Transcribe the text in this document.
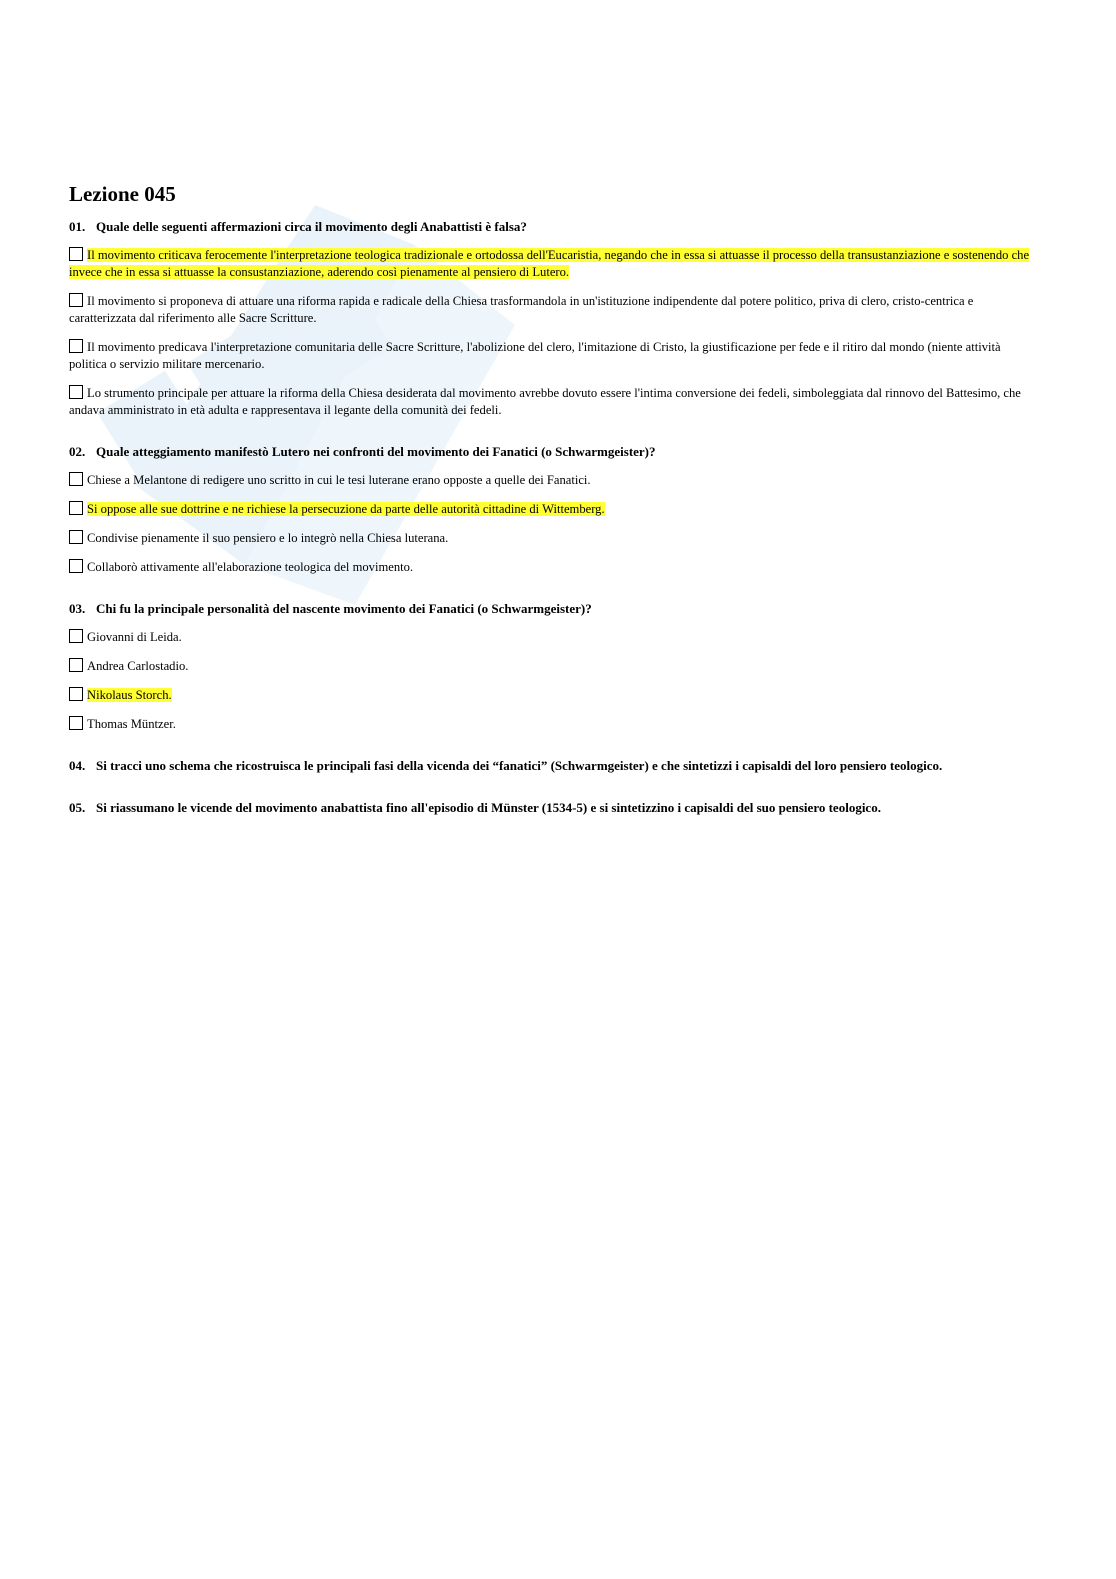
Lezione 045
01. Quale delle seguenti affermazioni circa il movimento degli Anabattisti è falsa?
Il movimento criticava ferocemente l'interpretazione teologica tradizionale e ortodossa dell'Eucaristia, negando che in essa si attuasse il processo della transustanziazione e sostenendo che invece che in essa si attuasse la consustanziazione, aderendo così pienamente al pensiero di Lutero.
Il movimento si proponeva di attuare una riforma rapida e radicale della Chiesa trasformandola in un'istituzione indipendente dal potere politico, priva di clero, cristo-centrica e caratterizzata dal riferimento alle Sacre Scritture.
Il movimento predicava l'interpretazione comunitaria delle Sacre Scritture, l'abolizione del clero, l'imitazione di Cristo, la giustificazione per fede e il ritiro dal mondo (niente attività politica o servizio militare mercenario.
Lo strumento principale per attuare la riforma della Chiesa desiderata dal movimento avrebbe dovuto essere l'intima conversione dei fedeli, simboleggiata dal rinnovo del Battesimo, che andava amministrato in età adulta e rappresentava il legante della comunità dei fedeli.
02. Quale atteggiamento manifestò Lutero nei confronti del movimento dei Fanatici (o Schwarmgeister)?
Chiese a Melantone di redigere uno scritto in cui le tesi luterane erano opposte a quelle dei Fanatici.
Si oppose alle sue dottrine e ne richiese la persecuzione da parte delle autorità cittadine di Wittemberg.
Condivise pienamente il suo pensiero e lo integrò nella Chiesa luterana.
Collaborò attivamente all'elaborazione teologica del movimento.
03. Chi fu la principale personalità del nascente movimento dei Fanatici (o Schwarmgeister)?
Giovanni di Leida.
Andrea Carlostadio.
Nikolaus Storch.
Thomas Müntzer.
04. Si tracci uno schema che ricostruisca le principali fasi della vicenda dei “fanatici” (Schwarmgeister) e che sintetizzi i capisaldi del loro pensiero teologico.
05. Si riassumano le vicende del movimento anabattista fino all'episodio di Münster (1534-5) e si sintetizzino i capisaldi del suo pensiero teologico.
